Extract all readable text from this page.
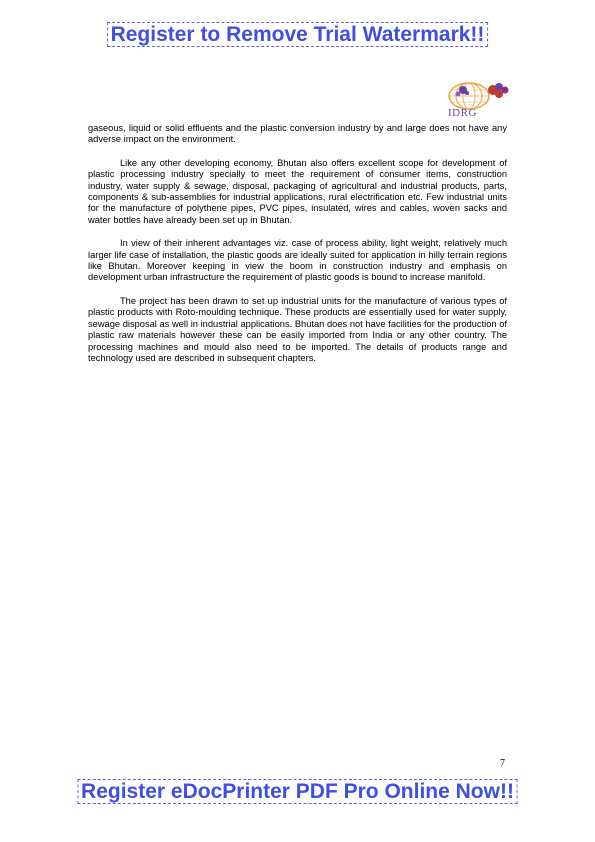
Register to Remove Trial Watermark!!
IDRG

gaseous, liquid or solid effluents and the plastic conversion industry by and large does not have any adverse impact on the environment.

Like any other developing economy, Bhutan also offers excellent scope for development of plastic processing industry specially to meet the requirement of consumer items, construction industry, water supply & sewage, disposal, packaging of agricultural and industrial products, parts, components & sub-assemblies for industrial applications, rural electrification etc. Few industrial units for the manufacture of polythene pipes, PVC pipes, insulated, wires and cables, woven sacks and water bottles have already been set up in Bhutan.

In view of their inherent advantages viz. case of process ability, light weight, relatively much larger life case of installation, the plastic goods are ideally suited for application in hilly terrain regions like Bhutan. Moreover keeping in view the boom in construction industry and emphasis on development urban infrastructure the requirement of plastic goods is bound to increase manifold.

The project has been drawn to set up industrial units for the manufacture of various types of plastic products with Roto-moulding technique. These products are essentially used for water supply, sewage disposal as well in industrial applications. Bhutan does not have facilities for the production of plastic raw materials however these can be easily imported from India or any other country. The processing machines and mould also need to be imported. The details of products range and technology used are described in subsequent chapters.

7
Register eDocPrinter PDF Pro Online Now!!
